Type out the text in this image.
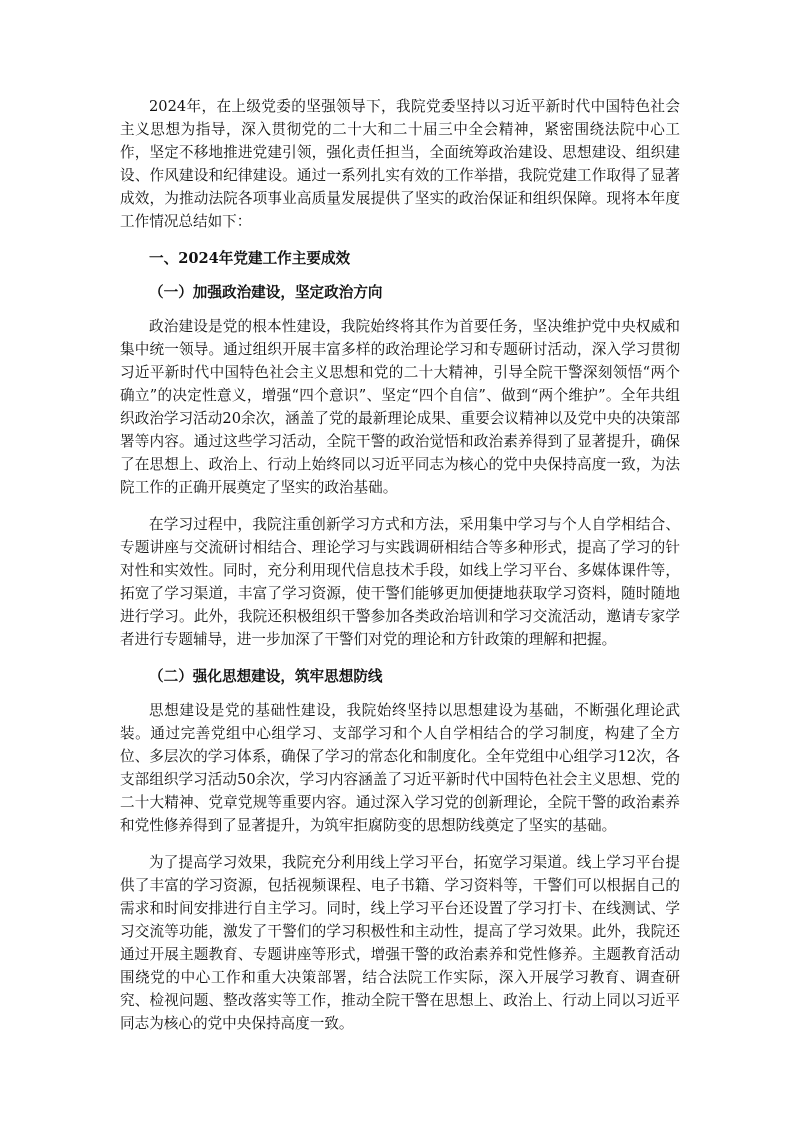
2024年，在上级党委的坚强领导下，我院党委坚持以习近平新时代中国特色社会主义思想为指导，深入贯彻党的二十大和二十届三中全会精神，紧密围绕法院中心工作，坚定不移地推进党建引领，强化责任担当，全面统筹政治建设、思想建设、组织建设、作风建设和纪律建设。通过一系列扎实有效的工作举措，我院党建工作取得了显著成效，为推动法院各项事业高质量发展提供了坚实的政治保证和组织保障。现将本年度工作情况总结如下：

一、2024年党建工作主要成效
（一）加强政治建设，坚定政治方向

政治建设是党的根本性建设，我院始终将其作为首要任务，坚决维护党中央权威和集中统一领导。通过组织开展丰富多样的政治理论学习和专题研讨活动，深入学习贯彻习近平新时代中国特色社会主义思想和党的二十大精神，引导全院干警深刻领悟“两个确立”的决定性意义，增强“四个意识”、坚定“四个自信”、做到“两个维护”。全年共组织政治学习活动20余次，涵盖了党的最新理论成果、重要会议精神以及党中央的决策部署等内容。通过这些学习活动，全院干警的政治觉悟和政治素养得到了显著提升，确保了在思想上、政治上、行动上始终同以习近平同志为核心的党中央保持高度一致，为法院工作的正确开展奠定了坚实的政治基础。

在学习过程中，我院注重创新学习方式和方法，采用集中学习与个人自学相结合、专题讲座与交流研讨相结合、理论学习与实践调研相结合等多种形式，提高了学习的针对性和实效性。同时，充分利用现代信息技术手段，如线上学习平台、多媒体课件等，拓宽了学习渠道，丰富了学习资源，使干警们能够更加便捷地获取学习资料，随时随地进行学习。此外，我院还积极组织干警参加各类政治培训和学习交流活动，邀请专家学者进行专题辅导，进一步加深了干警们对党的理论和方针政策的理解和把握。

（二）强化思想建设，筑牢思想防线

思想建设是党的基础性建设，我院始终坚持以思想建设为基础，不断强化理论武装。通过完善党组中心组学习、支部学习和个人自学相结合的学习制度，构建了全方位、多层次的学习体系，确保了学习的常态化和制度化。全年党组中心组学习12次，各支部组织学习活动50余次，学习内容涵盖了习近平新时代中国特色社会主义思想、党的二十大精神、党章党规等重要内容。通过深入学习党的创新理论，全院干警的政治素养和党性修养得到了显著提升，为筑牢拒腐防变的思想防线奠定了坚实的基础。

为了提高学习效果，我院充分利用线上学习平台，拓宽学习渠道。线上学习平台提供了丰富的学习资源，包括视频课程、电子书籍、学习资料等，干警们可以根据自己的需求和时间安排进行自主学习。同时，线上学习平台还设置了学习打卡、在线测试、学习交流等功能，激发了干警们的学习积极性和主动性，提高了学习效果。此外，我院还通过开展主题教育、专题讲座等形式，增强干警的政治素养和党性修养。主题教育活动围绕党的中心工作和重大决策部署，结合法院工作实际，深入开展学习教育、调查研究、检视问题、整改落实等工作，推动全院干警在思想上、政治上、行动上同以习近平同志为核心的党中央保持高度一致。
